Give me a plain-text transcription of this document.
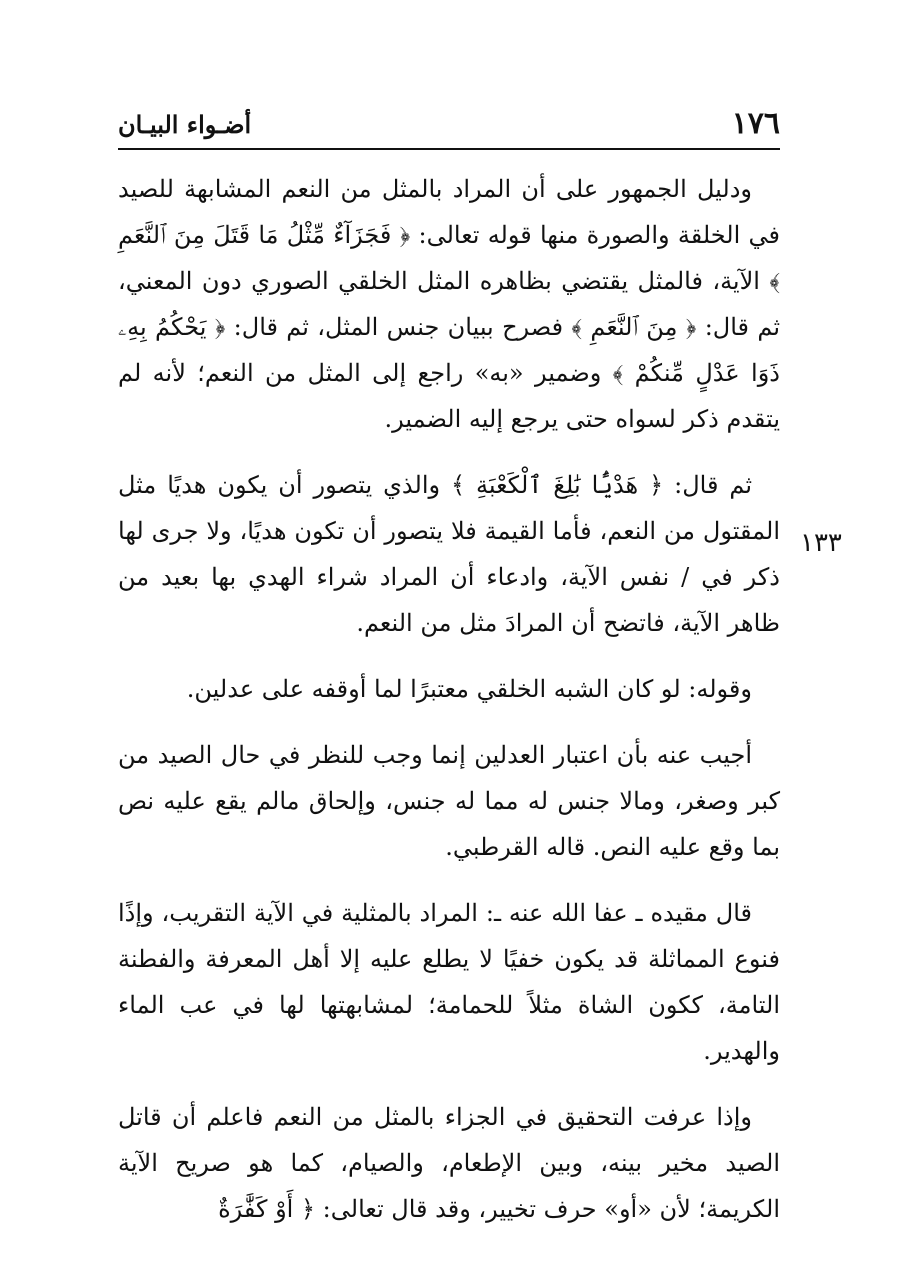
١٧٦
أضـواء البيـان
١٣٣

ودليل الجمهور على أن المراد بالمثل من النعم المشابهة للصيد في الخلقة والصورة منها قوله تعالى: ﴿ فَجَزَآءٌ مِّثْلُ مَا قَتَلَ مِنَ ٱلنَّعَمِ ﴾ الآية، فالمثل يقتضي بظاهره المثل الخلقي الصوري دون المعني، ثم قال: ﴿ مِنَ ٱلنَّعَمِ ﴾ فصرح ببيان جنس المثل، ثم قال: ﴿ يَحْكُمُ بِهِۦ ذَوَا عَدْلٍ مِّنكُمْ ﴾ وضمير «به» راجع إلى المثل من النعم؛ لأنه لم يتقدم ذكر لسواه حتى يرجع إليه الضمير.

ثم قال: ﴿ هَدْيًۢا بَٰلِغَ ٱلْكَعْبَةِ ﴾ والذي يتصور أن يكون هديًا مثل المقتول من النعم، فأما القيمة فلا يتصور أن تكون هديًا، ولا جرى لها ذكر في / نفس الآية، وادعاء أن المراد شراء الهدي بها بعيد من ظاهر الآية، فاتضح أن المرادَ مثل من النعم.

وقوله: لو كان الشبه الخلقي معتبرًا لما أوقفه على عدلين.

أجيب عنه بأن اعتبار العدلين إنما وجب للنظر في حال الصيد من كبر وصغر، ومالا جنس له مما له جنس، وإلحاق مالم يقع عليه نص بما وقع عليه النص. قاله القرطبي.

قال مقيده ـ عفا الله عنه ـ: المراد بالمثلية في الآية التقريب، وإذًا فنوع المماثلة قد يكون خفيًا لا يطلع عليه إلا أهل المعرفة والفطنة التامة، ككون الشاة مثلاً للحمامة؛ لمشابهتها لها في عب الماء والهدير.

وإذا عرفت التحقيق في الجزاء بالمثل من النعم فاعلم أن قاتل الصيد مخير بينه، وبين الإطعام، والصيام، كما هو صريح الآية الكريمة؛ لأن «أو» حرف تخيير، وقد قال تعالى: ﴿ أَوْ كَفَّٰرَةٌ
